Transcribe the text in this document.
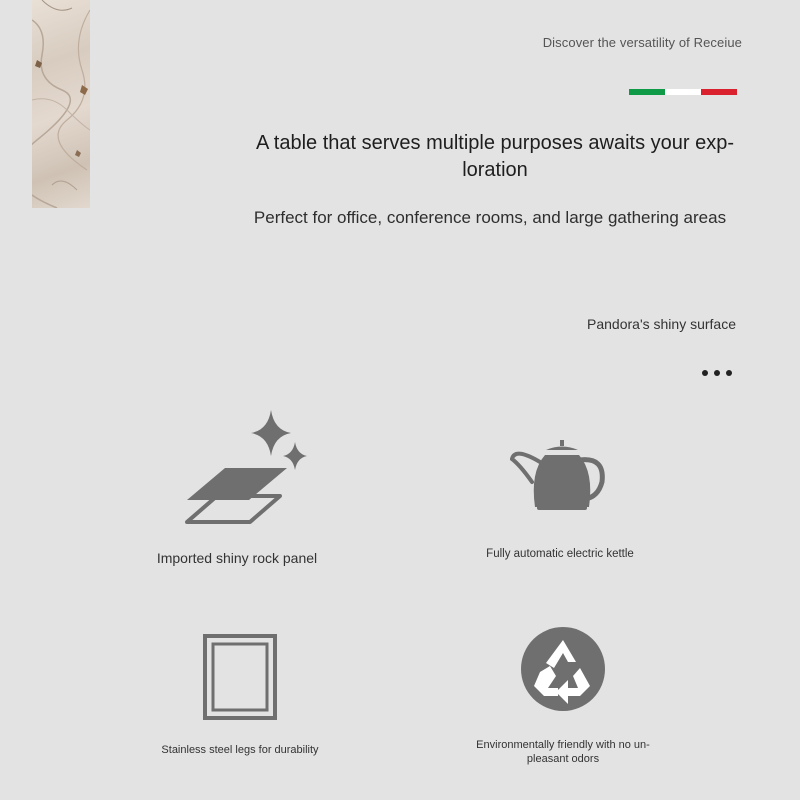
Discover the versatility of Receiue
A table that serves multiple purposes awaits your exp-
loration
Perfect for office, conference rooms, and large gathering areas
Pandora's shiny surface
Imported shiny rock panel	Fully automatic electric kettle
Stainless steel legs for durability	Environmentally friendly with no un-
pleasant odors
